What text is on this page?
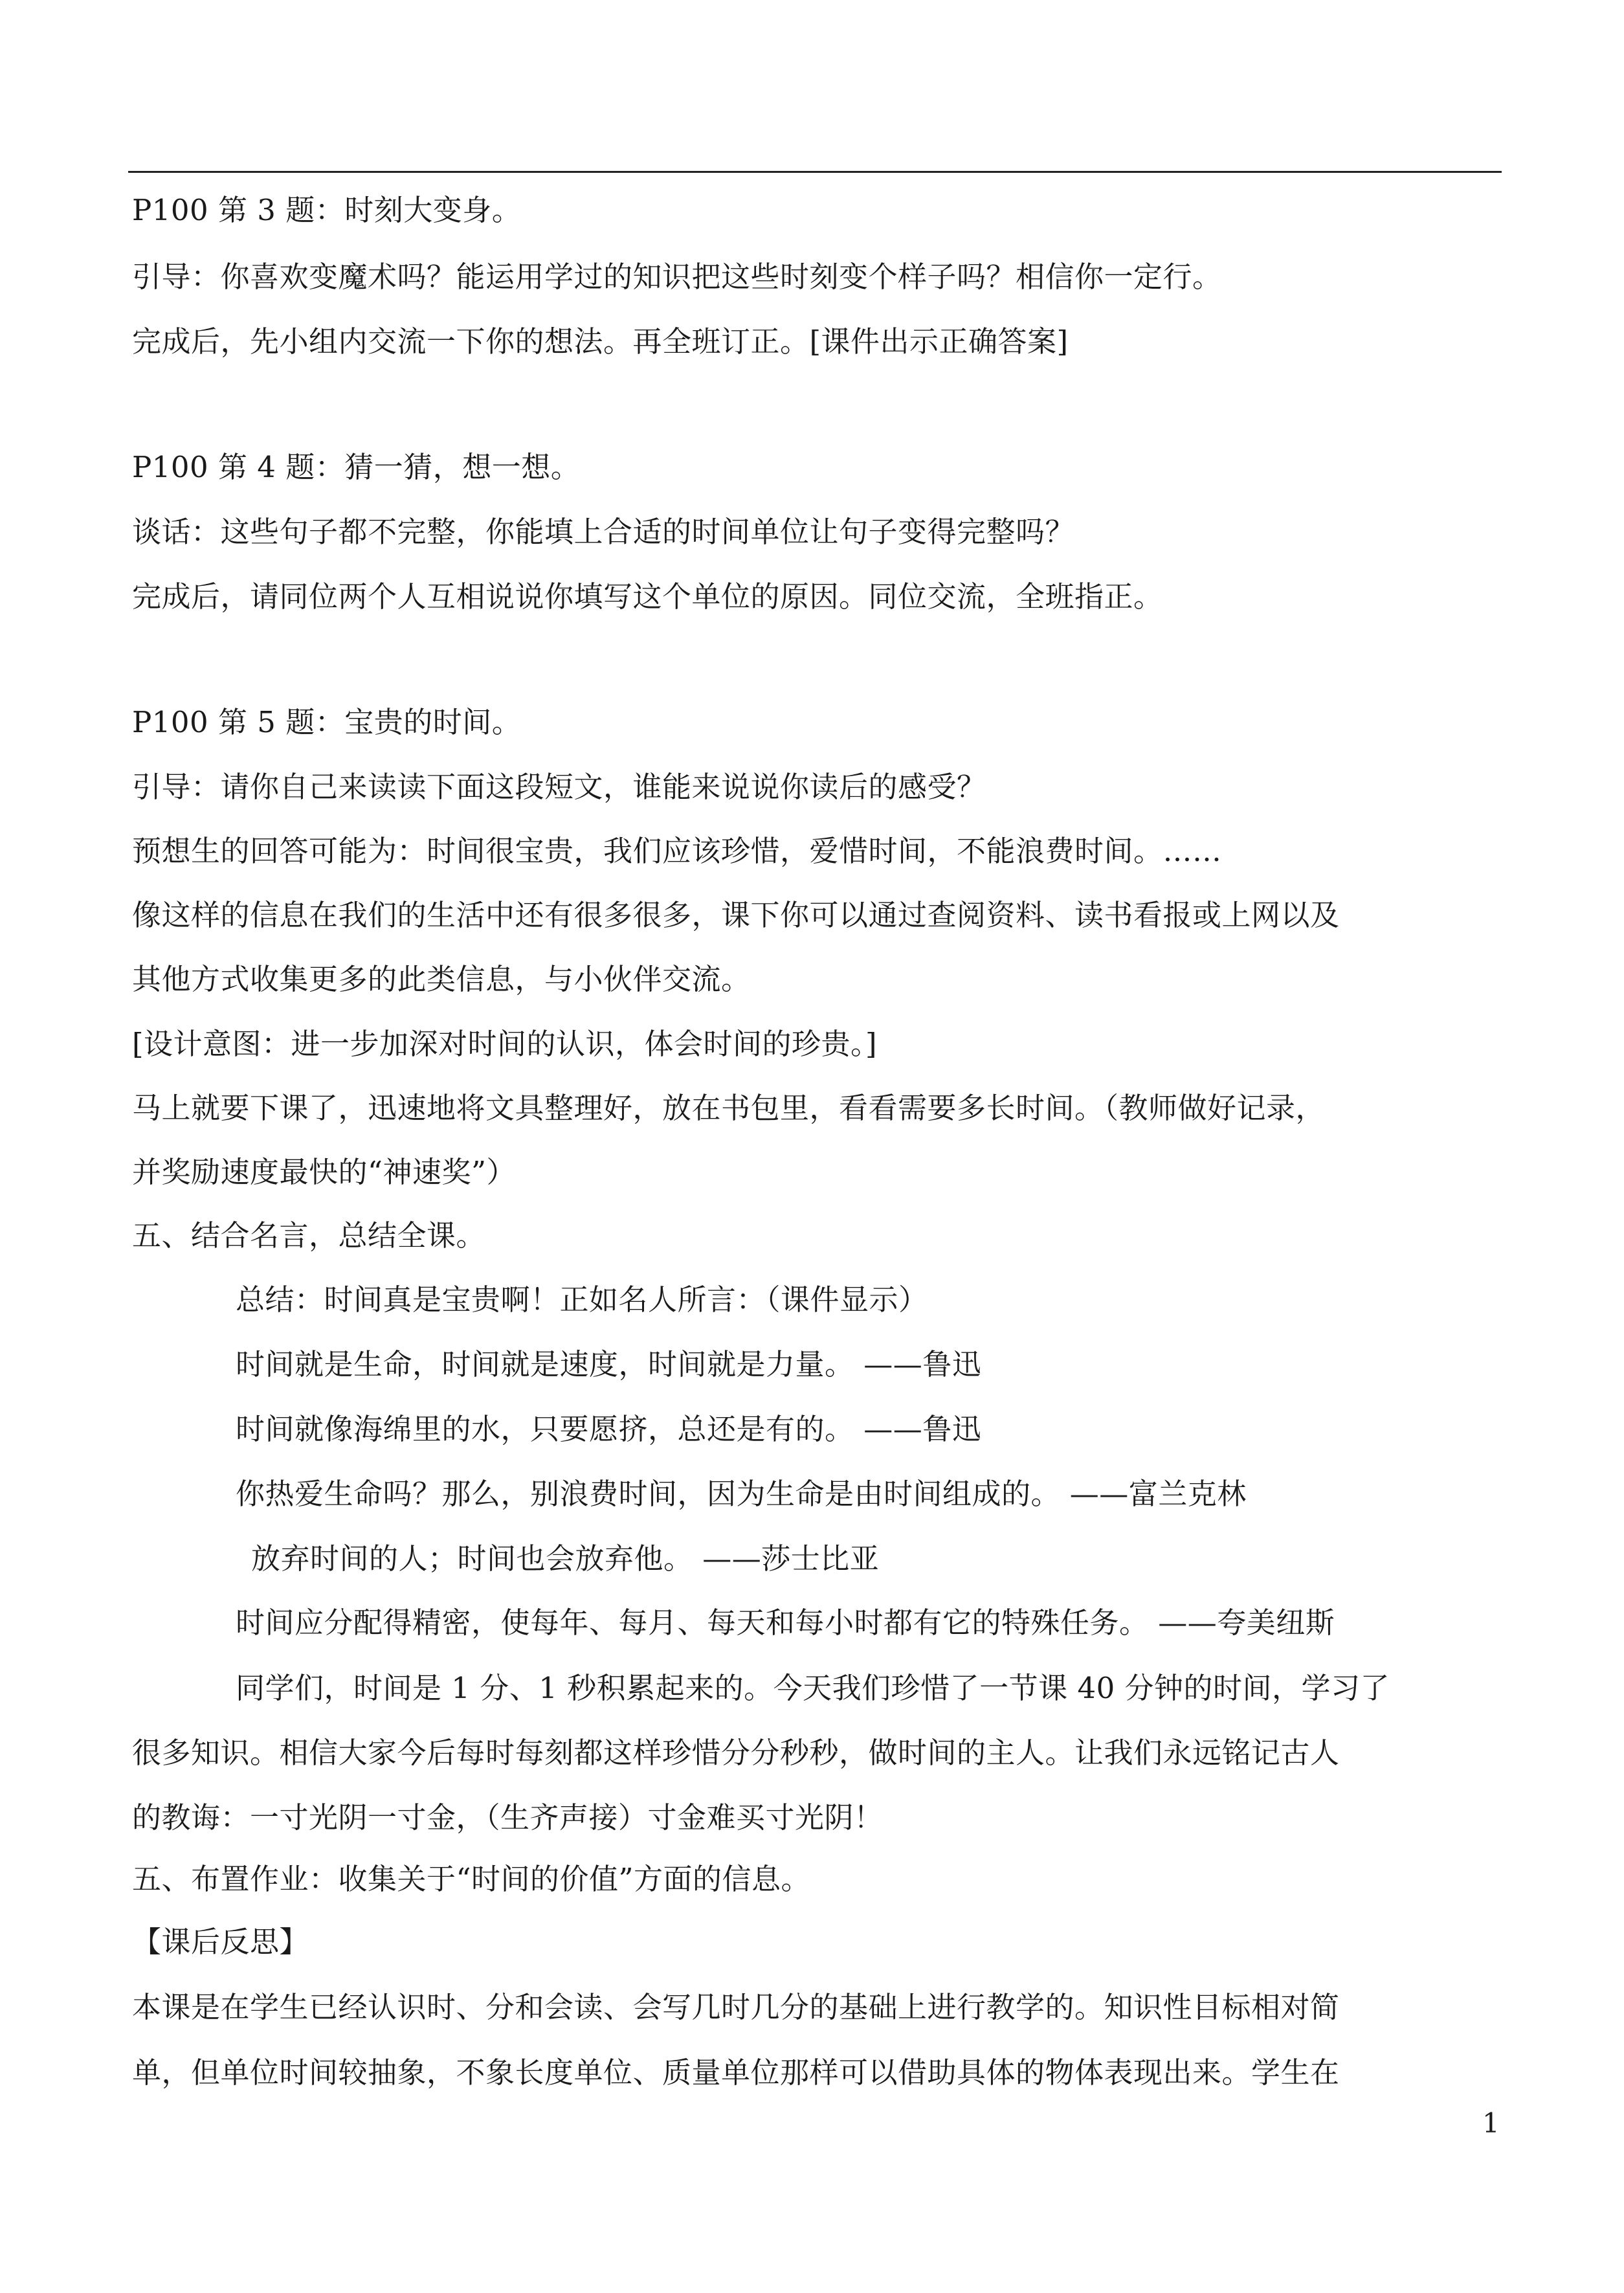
P100 第 3 题：时刻大变身。
引导：你喜欢变魔术吗？能运用学过的知识把这些时刻变个样子吗？相信你一定行。
完成后，先小组内交流一下你的想法。再全班订正。[课件出示正确答案]
P100 第 4 题：猜一猜，想一想。
谈话：这些句子都不完整，你能填上合适的时间单位让句子变得完整吗？
完成后，请同位两个人互相说说你填写这个单位的原因。同位交流，全班指正。
P100 第 5 题：宝贵的时间。
引导：请你自己来读读下面这段短文，谁能来说说你读后的感受？
预想生的回答可能为：时间很宝贵，我们应该珍惜，爱惜时间，不能浪费时间。……
像这样的信息在我们的生活中还有很多很多，课下你可以通过查阅资料、读书看报或上网以及
其他方式收集更多的此类信息，与小伙伴交流。
[设计意图：进一步加深对时间的认识，体会时间的珍贵。]
马上就要下课了，迅速地将文具整理好，放在书包里，看看需要多长时间。（教师做好记录，
并奖励速度最快的“神速奖”）
五、结合名言，总结全课。
总结：时间真是宝贵啊！正如名人所言：（课件显示）
时间就是生命，时间就是速度，时间就是力量。 ——鲁迅
时间就像海绵里的水，只要愿挤，总还是有的。 ——鲁迅
你热爱生命吗？那么，别浪费时间，因为生命是由时间组成的。 ——富兰克林
放弃时间的人；时间也会放弃他。 ——莎士比亚
时间应分配得精密，使每年、每月、每天和每小时都有它的特殊任务。 ——夸美纽斯
同学们，时间是 1 分、1 秒积累起来的。今天我们珍惜了一节课 40 分钟的时间，学习了
很多知识。相信大家今后每时每刻都这样珍惜分分秒秒，做时间的主人。让我们永远铭记古人
的教诲：一寸光阴一寸金，（生齐声接）寸金难买寸光阴！
五、布置作业：收集关于“时间的价值”方面的信息。
【课后反思】
本课是在学生已经认识时、分和会读、会写几时几分的基础上进行教学的。知识性目标相对简
单，但单位时间较抽象，不象长度单位、质量单位那样可以借助具体的物体表现出来。学生在
1
